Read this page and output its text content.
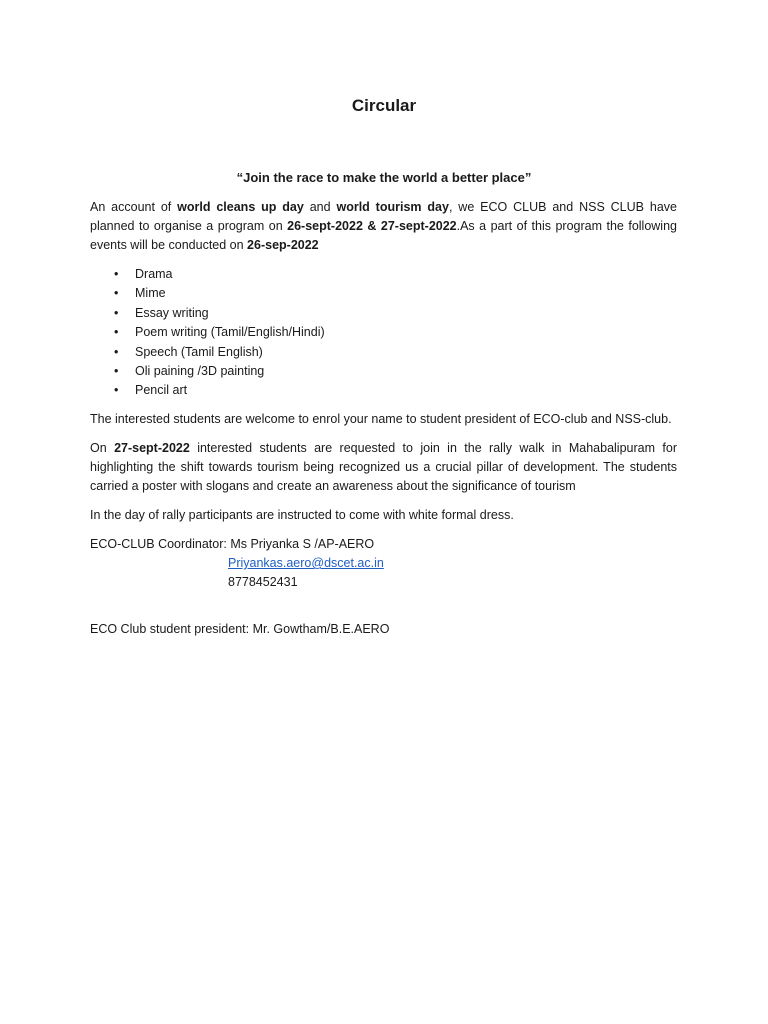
Circular

“Join the race to make the world a better place”

An account of world cleans up day and world tourism day, we ECO CLUB and NSS CLUB have planned to organise a program on 26-sept-2022 & 27-sept-2022.As a part of this program the following events will be conducted on 26-sep-2022

• Drama
• Mime
• Essay writing
• Poem writing (Tamil/English/Hindi)
• Speech (Tamil English)
• Oli paining /3D painting
• Pencil art

The interested students are welcome to enrol your name to student president of ECO-club and NSS-club.

On 27-sept-2022 interested students are requested to join in the rally walk in Mahabalipuram for highlighting the shift towards tourism being recognized us a crucial pillar of development. The students carried a poster with slogans and create an awareness about the significance of tourism

In the day of rally participants are instructed to come with white formal dress.

ECO-CLUB Coordinator: Ms Priyanka S /AP-AERO

Priyankas.aero@dscet.ac.in

8778452431

ECO Club student president: Mr. Gowtham/B.E.AERO
